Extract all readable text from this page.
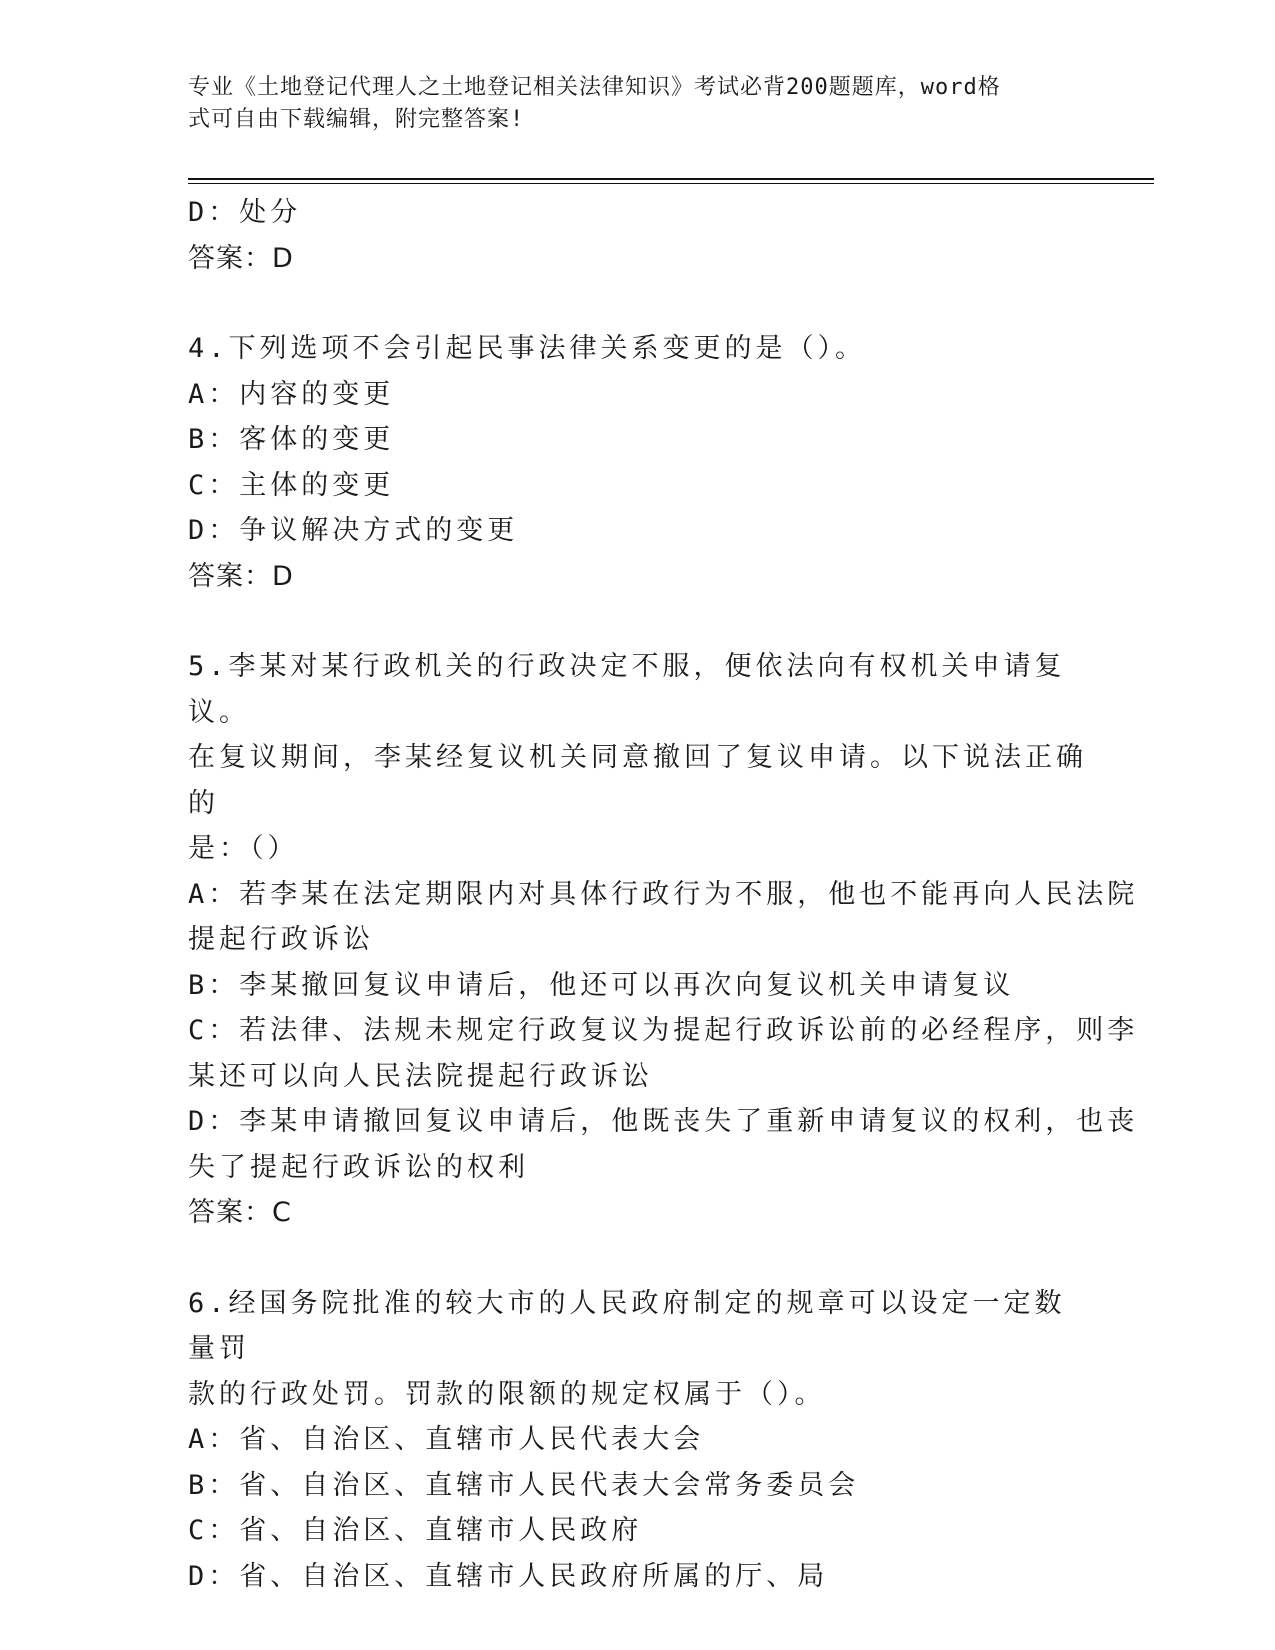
专业《土地登记代理人之土地登记相关法律知识》考试必背200题题库，word格
式可自由下载编辑，附完整答案!
D：处分
答案：D
4.下列选项不会引起民事法律关系变更的是（）。
A：内容的变更
B：客体的变更
C：主体的变更
D：争议解决方式的变更
答案：D
5.李某对某行政机关的行政决定不服，便依法向有权机关申请复议。
在复议期间，李某经复议机关同意撤回了复议申请。以下说法正确的
是：（）
A：若李某在法定期限内对具体行政行为不服，他也不能再向人民法院
提起行政诉讼
B：李某撤回复议申请后，他还可以再次向复议机关申请复议
C：若法律、法规未规定行政复议为提起行政诉讼前的必经程序，则李
某还可以向人民法院提起行政诉讼
D：李某申请撤回复议申请后，他既丧失了重新申请复议的权利，也丧
失了提起行政诉讼的权利
答案：C
6.经国务院批准的较大市的人民政府制定的规章可以设定一定数量罚
款的行政处罚。罚款的限额的规定权属于（）。
A：省、自治区、直辖市人民代表大会
B：省、自治区、直辖市人民代表大会常务委员会
C：省、自治区、直辖市人民政府
D：省、自治区、直辖市人民政府所属的厅、局
